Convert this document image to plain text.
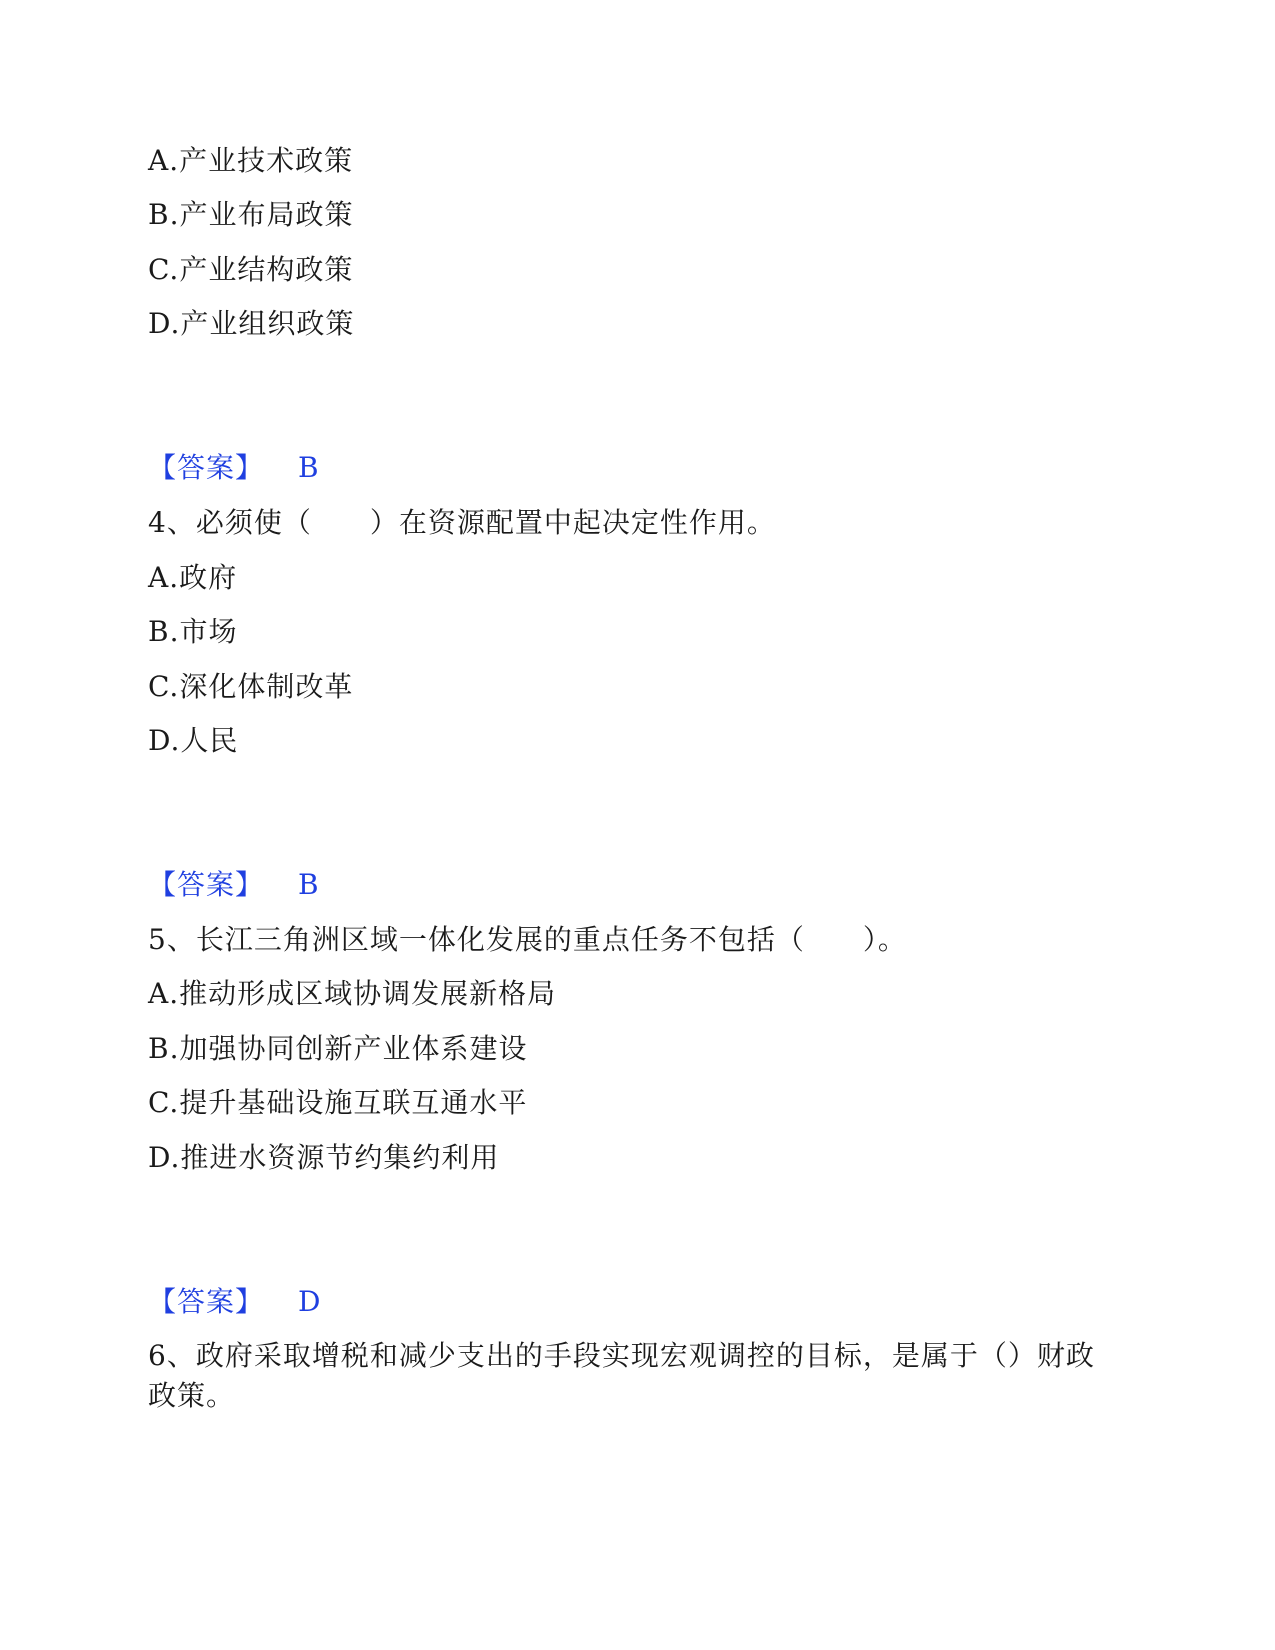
A.产业技术政策
B.产业布局政策
C.产业结构政策
D.产业组织政策
【答案】 B
4、必须使（　　）在资源配置中起决定性作用。
A.政府
B.市场
C.深化体制改革
D.人民
【答案】 B
5、长江三角洲区域一体化发展的重点任务不包括（　　）。
A.推动形成区域协调发展新格局
B.加强协同创新产业体系建设
C.提升基础设施互联互通水平
D.推进水资源节约集约利用
【答案】 D
6、政府采取增税和减少支出的手段实现宏观调控的目标，是属于（）财政政策。
